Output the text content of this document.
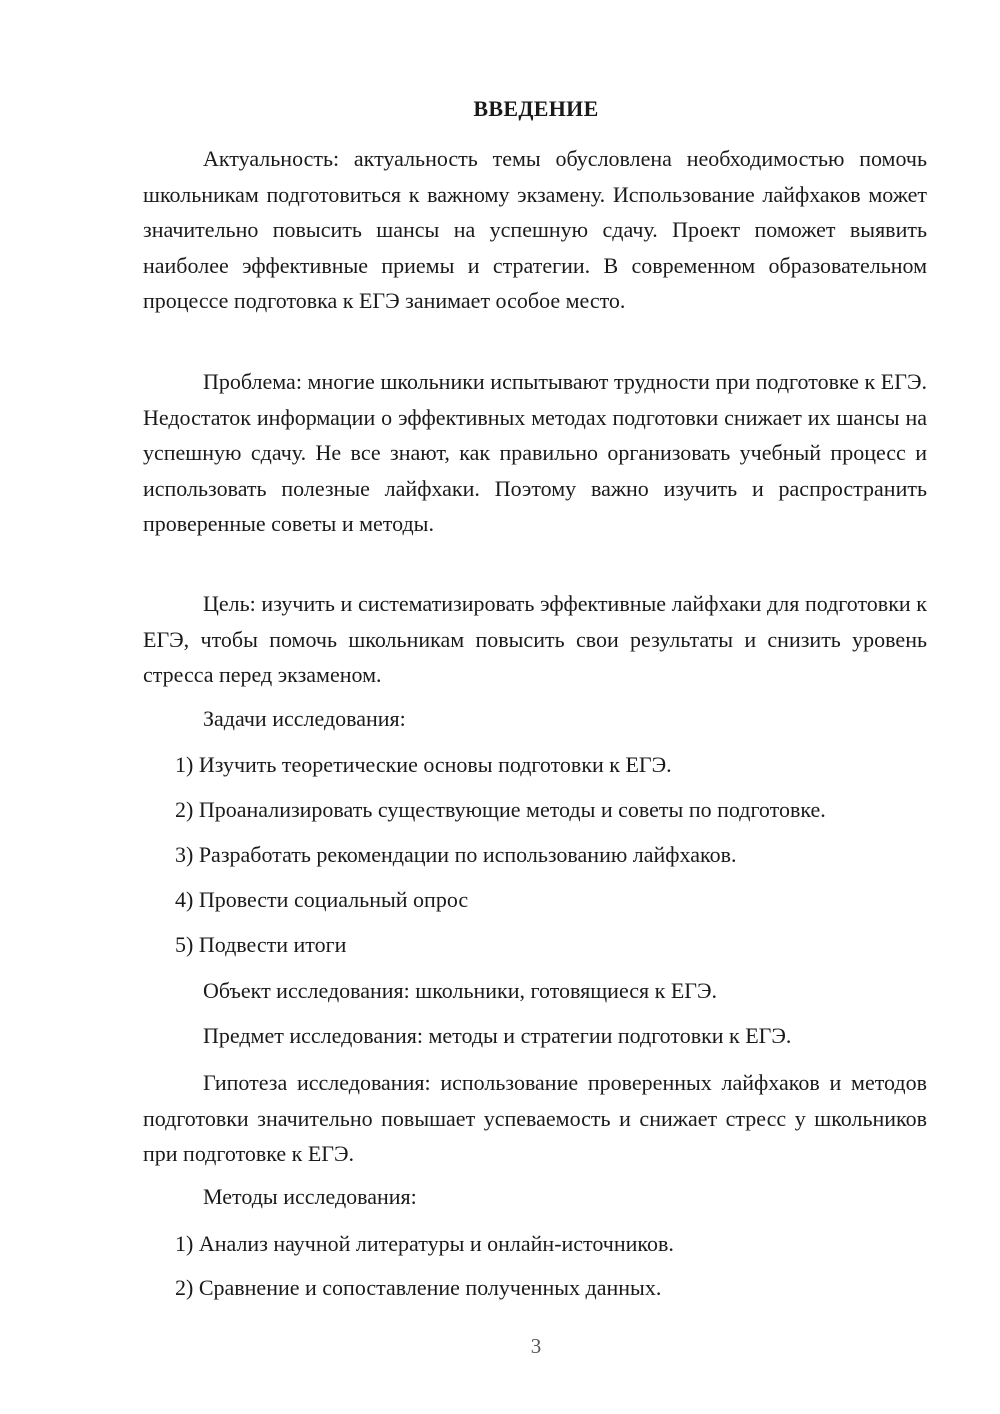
ВВЕДЕНИЕ
Актуальность: актуальность темы обусловлена необходимостью помочь школьникам подготовиться к важному экзамену. Использование лайфхаков может значительно повысить шансы на успешную сдачу. Проект поможет выявить наиболее эффективные приемы и стратегии. В современном образовательном процессе подготовка к ЕГЭ занимает особое место.
Проблема: многие школьники испытывают трудности при подготовке к ЕГЭ. Недостаток информации о эффективных методах подготовки снижает их шансы на успешную сдачу. Не все знают, как правильно организовать учебный процесс и использовать полезные лайфхаки. Поэтому важно изучить и распространить проверенные советы и методы.
Цель: изучить и систематизировать эффективные лайфхаки для подготовки к ЕГЭ, чтобы помочь школьникам повысить свои результаты и снизить уровень стресса перед экзаменом.
Задачи исследования:
1) Изучить теоретические основы подготовки к ЕГЭ.
2) Проанализировать существующие методы и советы по подготовке.
3) Разработать рекомендации по использованию лайфхаков.
4) Провести социальный опрос
5) Подвести итоги
Объект исследования: школьники, готовящиеся к ЕГЭ.
Предмет исследования: методы и стратегии подготовки к ЕГЭ.
Гипотеза исследования: использование проверенных лайфхаков и методов подготовки значительно повышает успеваемость и снижает стресс у школьников при подготовке к ЕГЭ.
Методы исследования:
1) Анализ научной литературы и онлайн-источников.
2) Сравнение и сопоставление полученных данных.
3
